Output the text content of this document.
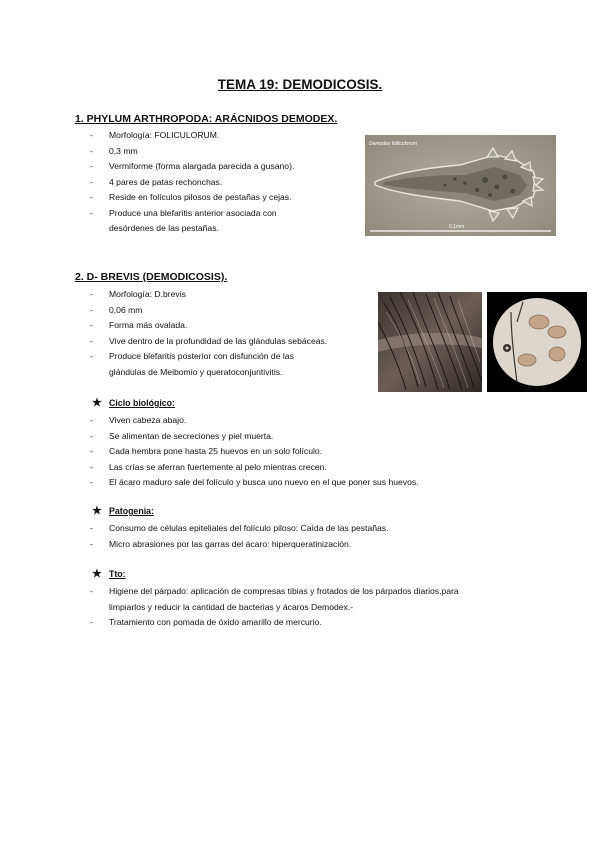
TEMA 19: DEMODICOSIS.
1. PHYLUM ARTHROPODA: ARÁCNIDOS DEMODEX.
- Morfología: FOLICULORUM.
- 0,3 mm
- Vermiforme (forma alargada parecida a gusano).
- 4 pares de patas rechonchas.
- Reside en folículos pilosos de pestañas y cejas.
- Produce una blefaritis anterior asociada con
desórdenes de las pestañas.
Demodex folliculorum
0,1mm
2. D- BREVIS (DEMODICOSIS).
- Morfología: D.brevis
- 0,06 mm
- Forma más ovalada.
- Vive dentro de la profundidad de las glándulas sebáceas.
- Produce blefaritis posterior con disfunción de las
glándulas de Meibomio y queratoconjuntivitis.
★ Ciclo biológico:
- Viven cabeza abajo.
- Se alimentan de secreciones y piel muerta.
- Cada hembra pone hasta 25 huevos en un solo folículo.
- Las crías se aferran fuertemente al pelo mientras crecen.
- El ácaro maduro sale del folículo y busca uno nuevo en el que poner sus huevos.
★ Patogenia:
- Consumo de células epiteliales del folículo piloso: Caída de las pestañas.
- Micro abrasiones por las garras del ácaro: hiperqueratinización.
★ Tto:
- Higiene del párpado: aplicación de compresas tibias y frotados de los párpados diarios,para
limpiarlos y reducir la cantidad de bacterias y ácaros Demodex.-
- Tratamiento con pomada de óxido amarillo de mercurio.
